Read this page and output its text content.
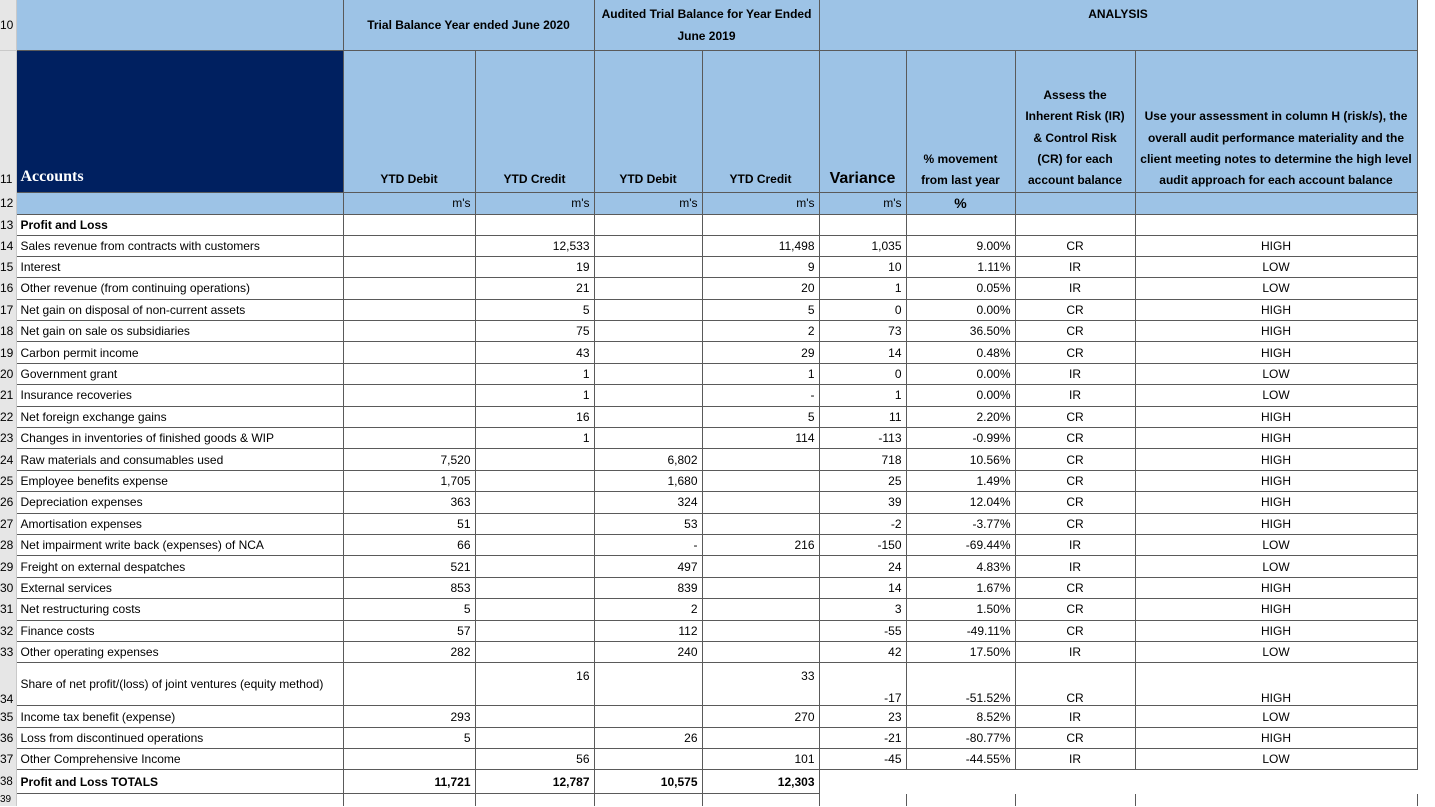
10		Trial Balance Year ended June 2020		Audited Trial Balance for Year Ended June 2019		ANALYSIS				
11	Accounts	YTD Debit	YTD Credit	YTD Debit	YTD Credit	Variance	% movement from last year	Assess the Inherent Risk (IR) & Control Risk (CR) for each account balance	Use your assessment in column H (risk/s), the overall audit performance materiality and the client meeting notes to determine the high level audit approach for each account balance	
12		m's	m's	m's	m's	m's	%			
13	Profit and Loss									
14	Sales revenue from contracts with customers		12,533		11,498	1,035	9.00%	CR	HIGH	
15	Interest		19		9	10	1.11%	IR	LOW	
16	Other revenue (from continuing operations)		21		20	1	0.05%	IR	LOW	
17	Net gain on disposal of non-current assets		5		5	0	0.00%	CR	HIGH	
18	Net gain on sale os subsidiaries		75		2	73	36.50%	CR	HIGH	
19	Carbon permit income		43		29	14	0.48%	CR	HIGH	
20	Government grant		1		1	0	0.00%	IR	LOW	
21	Insurance recoveries		1		-	1	0.00%	IR	LOW	
22	Net foreign exchange gains		16		5	11	2.20%	CR	HIGH	
23	Changes in inventories of finished goods & WIP		1		114	-113	-0.99%	CR	HIGH	
24	Raw materials and consumables used	7,520		6,802		718	10.56%	CR	HIGH	
25	Employee benefits expense	1,705		1,680		25	1.49%	CR	HIGH	
26	Depreciation expenses	363		324		39	12.04%	CR	HIGH	
27	Amortisation expenses	51		53		-2	-3.77%	CR	HIGH	
28	Net impairment write back (expenses) of NCA	66		-	216	-150	-69.44%	IR	LOW	
29	Freight on external despatches	521		497		24	4.83%	IR	LOW	
30	External services	853		839		14	1.67%	CR	HIGH	
31	Net restructuring costs	5		2		3	1.50%	CR	HIGH	
32	Finance costs	57		112		-55	-49.11%	CR	HIGH	
33	Other operating expenses	282		240		42	17.50%	IR	LOW	
34	Share of net profit/(loss) of joint ventures (equity method)		16		33	-17	-51.52%	CR	HIGH	
35	Income tax benefit (expense)	293			270	23	8.52%	IR	LOW	
36	Loss from discontinued operations	5		26		-21	-80.77%	CR	HIGH	
37	Other Comprehensive Income		56		101	-45	-44.55%	IR	LOW	
38	Profit and Loss TOTALS	11,721	12,787	10,575	12,303					
39										
